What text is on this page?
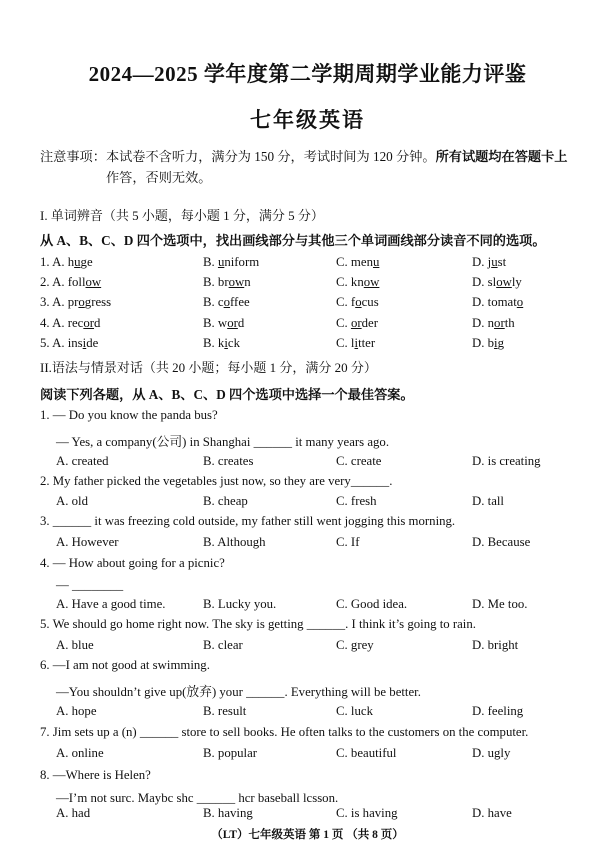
2024—2025 学年度第二学期周期学业能力评鉴
七年级英语
注意事项：本试卷不含听力，满分为 150 分，考试时间为 120 分钟。所有试题均在答题卡上
作答，否则无效。
I. 单词辨音（共 5 小题，每小题 1 分，满分 5 分）
从 A、B、C、D 四个选项中，找出画线部分与其他三个单词画线部分读音不同的选项。
1. A. huge	B. uniform	C. menu	D. just
2. A. follow	B. brown	C. know	D. slowly
3. A. progress	B. coffee	C. focus	D. tomato
4. A. record	B. word	C. order	D. north
5. A. inside	B. kick	C. litter	D. big
II.语法与情景对话（共 20 小题；每小题 1 分，满分 20 分）
阅读下列各题，从 A、B、C、D 四个选项中选择一个最佳答案。
1. — Do you know the panda bus?
— Yes, a company(公司) in Shanghai ______ it many years ago.
A. created	B. creates	C. create	D. is creating
2. My father picked the vegetables just now, so they are very______.
A. old	B. cheap	C. fresh	D. tall
3. ______ it was freezing cold outside, my father still went jogging this morning.
A. However	B. Although	C. If	D. Because
4. — How about going for a picnic?
— ________
A. Have a good time.	B. Lucky you.	C. Good idea.	D. Me too.
5. We should go home right now. The sky is getting ______. I think it’s going to rain.
A. blue	B. clear	C. grey	D. bright
6. —I am not good at swimming.
—You shouldn’t give up(放弃) your ______. Everything will be better.
A. hope	B. result	C. luck	D. feeling
7. Jim sets up a (n) ______ store to sell books. He often talks to the customers on the computer.
A. online	B. popular	C. beautiful	D. ugly
8. —Where is Helen?
—I’m not surc. Maybc shc ______ hcr baseball lcsson.
A. had	B. having	C. is having	D. have
（LT）七年级英语 第 1 页 （共 8 页）
